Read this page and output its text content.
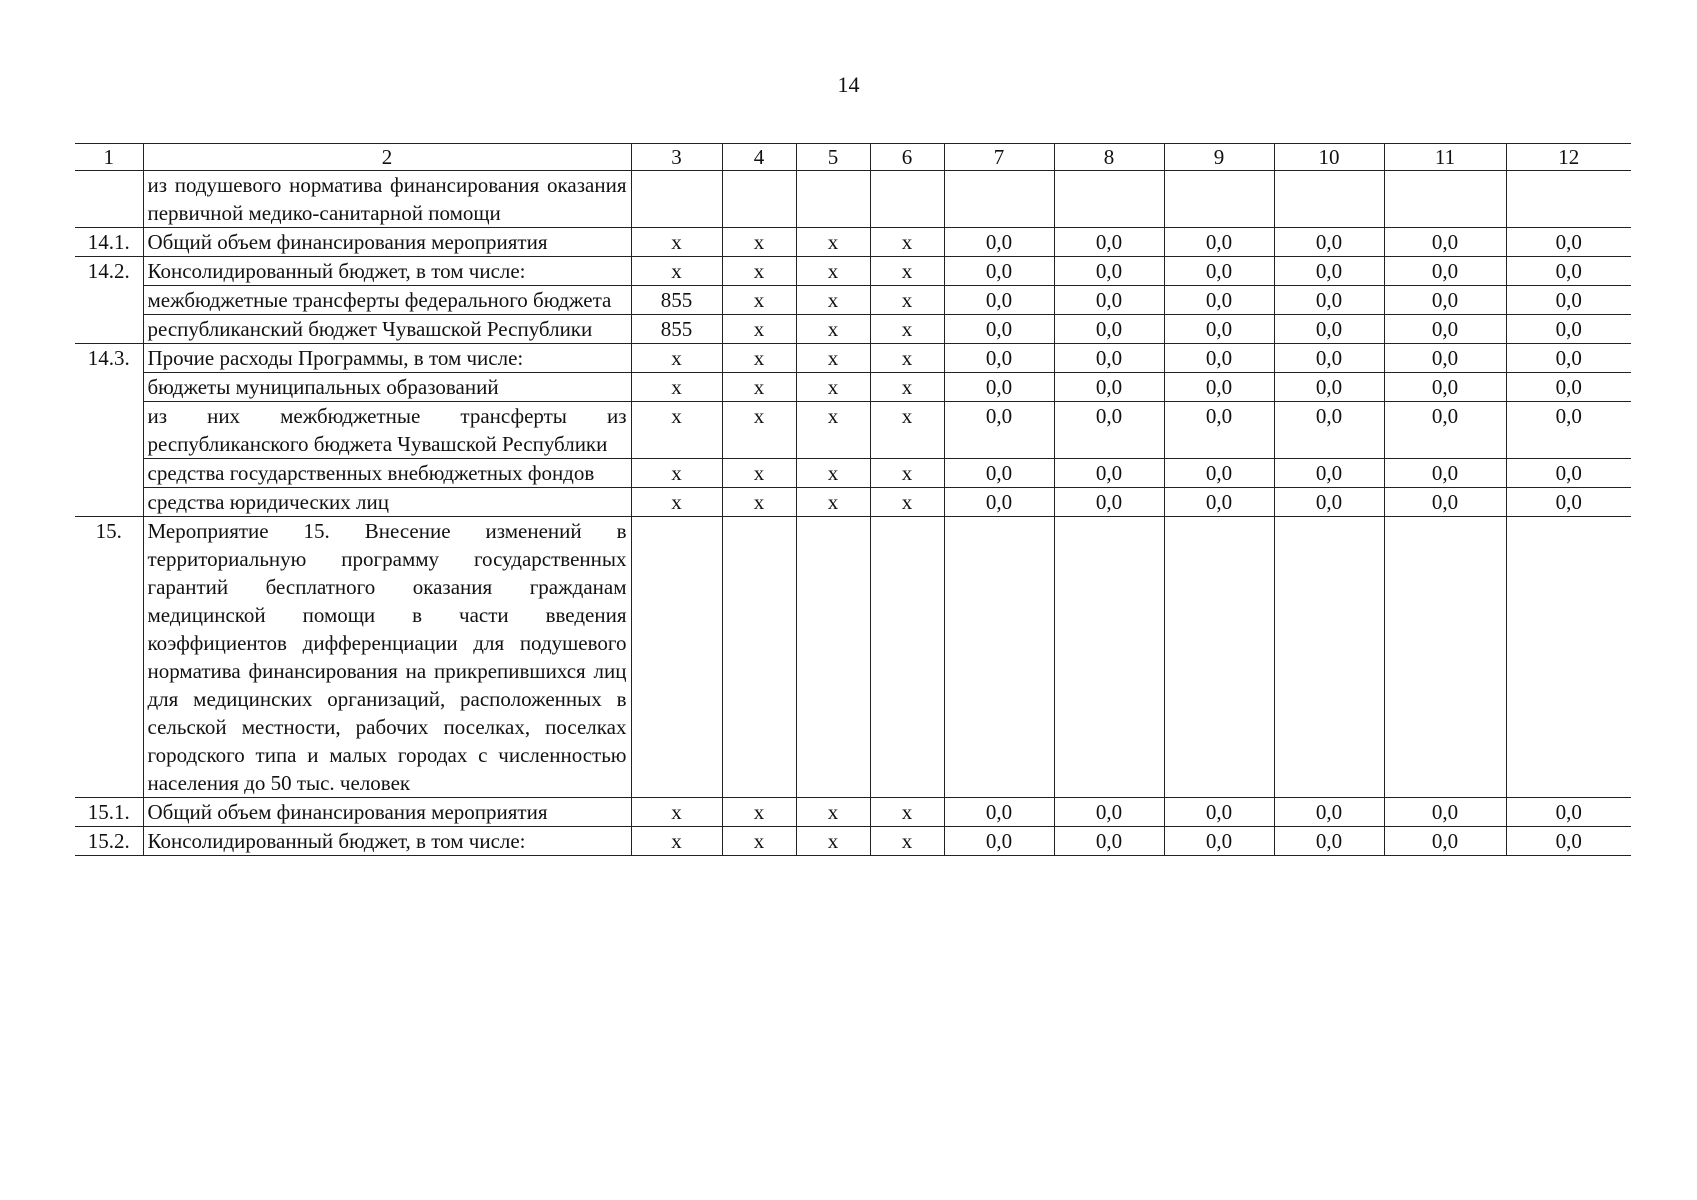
14
1	2	3	4	5	6	7	8	9	10	11	12
	из подушевого норматива финансирования оказания первичной медико-санитарной помощи										
14.1.	Общий объем финансирования мероприятия	х	х	х	х	0,0	0,0	0,0	0,0	0,0	0,0
14.2.	Консолидированный бюджет, в том числе:	х	х	х	х	0,0	0,0	0,0	0,0	0,0	0,0
	межбюджетные трансферты федерального бюджета	855	х	х	х	0,0	0,0	0,0	0,0	0,0	0,0
	республиканский бюджет Чувашской Республики	855	х	х	х	0,0	0,0	0,0	0,0	0,0	0,0
14.3.	Прочие расходы Программы, в том числе:	х	х	х	х	0,0	0,0	0,0	0,0	0,0	0,0
	бюджеты муниципальных образований	х	х	х	х	0,0	0,0	0,0	0,0	0,0	0,0
	из них межбюджетные трансферты из республиканского бюджета Чувашской Республики	х	х	х	х	0,0	0,0	0,0	0,0	0,0	0,0
	средства государственных внебюджетных фондов	х	х	х	х	0,0	0,0	0,0	0,0	0,0	0,0
	средства юридических лиц	х	х	х	х	0,0	0,0	0,0	0,0	0,0	0,0
15.	Мероприятие 15. Внесение изменений в территориальную программу государственных гарантий бесплатного оказания гражданам медицинской помощи в части введения коэффициентов дифференциации для подушевого норматива финансирования на прикрепившихся лиц для медицинских организаций, расположенных в сельской местности, рабочих поселках, поселках городского типа и малых городах с численностью населения до 50 тыс. человек										
15.1.	Общий объем финансирования мероприятия	х	х	х	х	0,0	0,0	0,0	0,0	0,0	0,0
15.2.	Консолидированный бюджет, в том числе:	х	х	х	х	0,0	0,0	0,0	0,0	0,0	0,0
